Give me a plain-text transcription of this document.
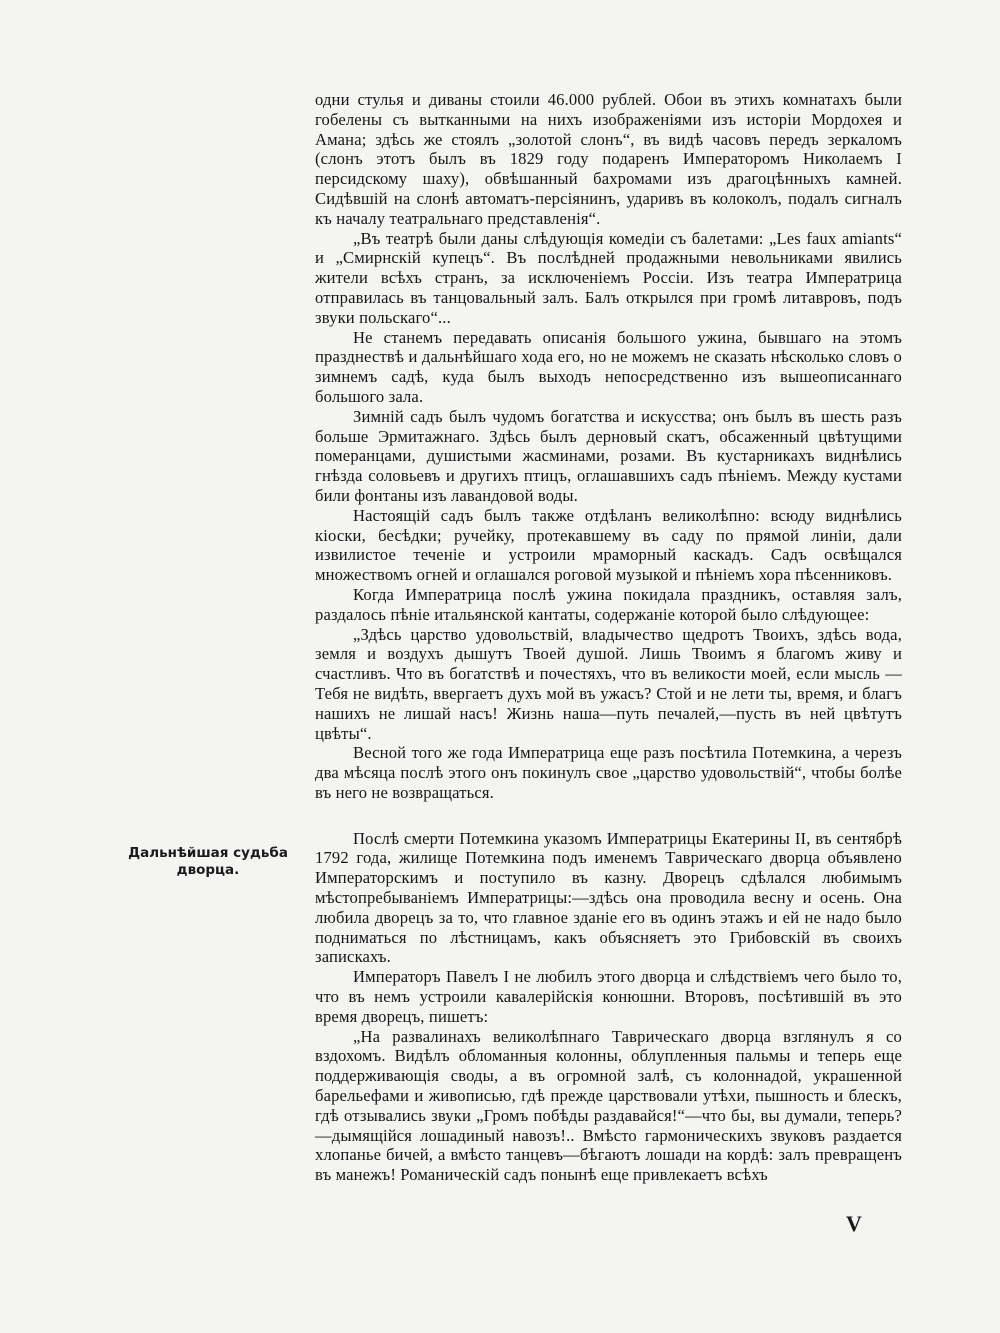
одни стулья и диваны стоили 46.000 рублей. Обои въ этихъ комнатахъ были гобелены съ вытканными на нихъ изображеніями изъ исторіи Мордохея и Амана; здѣсь же стоялъ „золотой слонъ“, въ видѣ часовъ передъ зеркаломъ (слонъ этотъ былъ въ 1829 году подаренъ Императоромъ Николаемъ I персидскому шаху), обвѣшанный бахромами изъ драгоцѣнныхъ камней. Сидѣвшій на слонѣ автоматъ-персіянинъ, ударивъ въ колоколъ, подалъ сигналъ къ началу театральнаго представленія“.

„Въ театрѣ были даны слѣдующія комедіи съ балетами: „Les faux amiants“ и „Смирнскій купецъ“. Въ послѣдней продажными невольниками явились жители всѣхъ странъ, за исключеніемъ Россіи. Изъ театра Императрица отправилась въ танцовальный залъ. Балъ открылся при громѣ литавровъ, подъ звуки польскаго“...

Не станемъ передавать описанія большого ужина, бывшаго на этомъ празднествѣ и дальнѣйшаго хода его, но не можемъ не сказать нѣсколько словъ о зимнемъ садѣ, куда былъ выходъ непосредственно изъ вышеописаннаго большого зала.

Зимній садъ былъ чудомъ богатства и искусства; онъ былъ въ шесть разъ больше Эрмитажнаго. Здѣсь былъ дерновый скатъ, обсаженный цвѣтущими померанцами, душистыми жасминами, розами. Въ кустарникахъ виднѣлись гнѣзда соловьевъ и другихъ птицъ, оглашавшихъ садъ пѣніемъ. Между кустами били фонтаны изъ лавандовой воды.

Настоящій садъ былъ также отдѣланъ великолѣпно: всюду виднѣлись кіоски, бесѣдки; ручейку, протекавшему въ саду по прямой линіи, дали извилистое теченіе и устроили мраморный каскадъ. Садъ освѣщался множествомъ огней и оглашался роговой музыкой и пѣніемъ хора пѣсенниковъ.

Когда Императрица послѣ ужина покидала праздникъ, оставляя залъ, раздалось пѣніе итальянской кантаты, содержаніе которой было слѣдующее:

„Здѣсь царство удовольствій, владычество щедротъ Твоихъ, здѣсь вода, земля и воздухъ дышутъ Твоей душой. Лишь Твоимъ я благомъ живу и счастливъ. Что въ богатствѣ и почестяхъ, что въ великости моей, если мысль — Тебя не видѣть, ввергаетъ духъ мой въ ужасъ? Стой и не лети ты, время, и благъ нашихъ не лишай насъ! Жизнь наша—путь печалей,—пусть въ ней цвѣтутъ цвѣты“.

Весной того же года Императрица еще разъ посѣтила Потемкина, а черезъ два мѣсяца послѣ этого онъ покинулъ свое „царство удовольствій“, чтобы болѣе въ него не возвращаться.

Послѣ смерти Потемкина указомъ Императрицы Екатерины II, въ сентябрѣ 1792 года, жилище Потемкина подъ именемъ Таврическаго дворца объявлено Императорскимъ и поступило въ казну. Дворецъ сдѣлался любимымъ мѣстопребываніемъ Императрицы:—здѣсь она проводила весну и осень. Она любила дворецъ за то, что главное зданіе его въ одинъ этажъ и ей не надо было подниматься по лѣстницамъ, какъ объясняетъ это Грибовскій въ своихъ запискахъ.

Императоръ Павелъ I не любилъ этого дворца и слѣдствіемъ чего было то, что въ немъ устроили кавалерійскія конюшни. Второвъ, посѣтившій въ это время дворецъ, пишетъ:

„На развалинахъ великолѣпнаго Таврическаго дворца взглянулъ я со вздохомъ. Видѣлъ обломанныя колонны, облупленныя пальмы и теперь еще поддерживающія своды, а въ огромной залѣ, съ колоннадой, украшенной барельефами и живописью, гдѣ прежде царствовали утѣхи, пышность и блескъ, гдѣ отзывались звуки „Громъ побѣды раздавайся!“—что бы, вы думали, теперь?—дымящійся лошадиный навозъ!.. Вмѣсто гармоническихъ звуковъ раздается хлопанье бичей, а вмѣсто танцевъ—бѣгаютъ лошади на кордѣ: залъ превращенъ въ манежъ! Романическій садъ понынѣ еще привлекаетъ всѣхъ

Дальнѣйшая судьба дворца.
V
